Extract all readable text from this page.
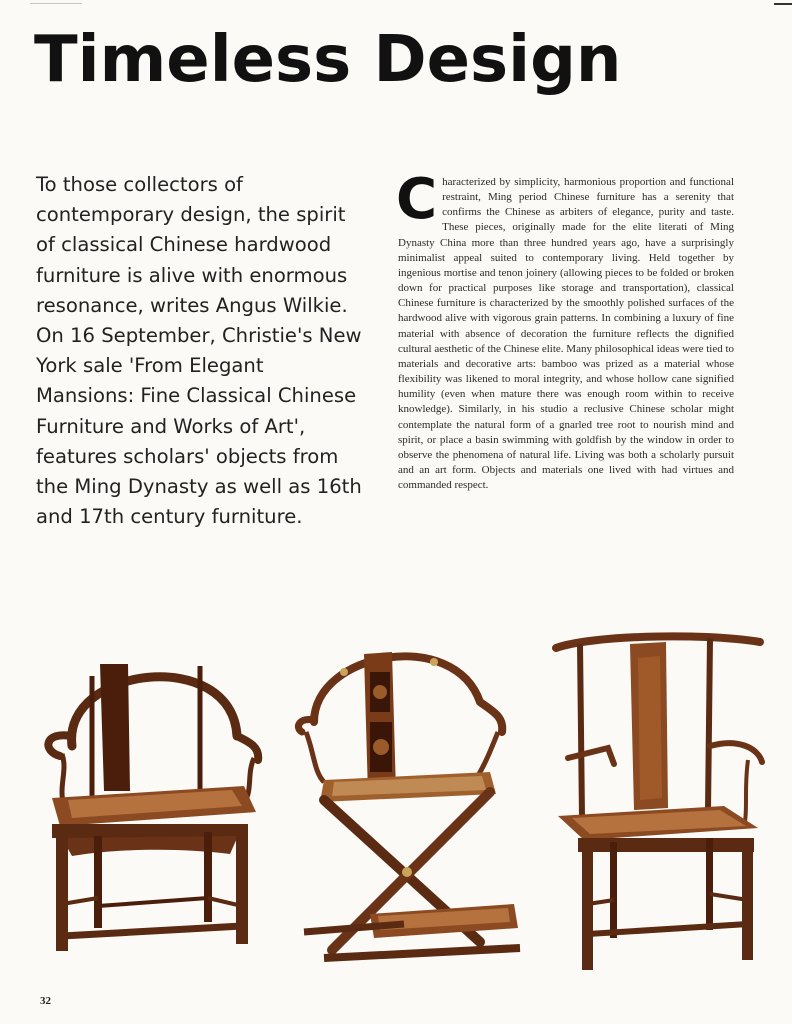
Timeless Design

To those collectors of contemporary design, the spirit of classical Chinese hardwood furniture is alive with enormous resonance, writes Angus Wilkie. On 16 September, Christie's New York sale 'From Elegant Mansions: Fine Classical Chinese Furniture and Works of Art', features scholars' objects from the Ming Dynasty as well as 16th and 17th century furniture.

Characterized by simplicity, harmonious proportion and functional restraint, Ming period Chinese furniture has a serenity that confirms the Chinese as arbiters of elegance, purity and taste. These pieces, originally made for the elite literati of Ming Dynasty China more than three hundred years ago, have a surprisingly minimalist appeal suited to contemporary living. Held together by ingenious mortise and tenon joinery (allowing pieces to be folded or broken down for practical purposes like storage and transportation), classical Chinese furniture is characterized by the smoothly polished surfaces of the hardwood alive with vigorous grain patterns. In combining a luxury of fine material with absence of decoration the furniture reflects the dignified cultural aesthetic of the Chinese elite. Many philosophical ideas were tied to materials and decorative arts: bamboo was prized as a material whose flexibility was likened to moral integrity, and whose hollow cane signified humility (even when mature there was enough room within to receive knowledge). Similarly, in his studio a reclusive Chinese scholar might contemplate the natural form of a gnarled tree root to nourish mind and spirit, or place a basin swimming with goldfish by the window in order to observe the phenomena of natural life. Living was both a scholarly pursuit and an art form. Objects and materials one lived with had virtues and commanded respect.
32
